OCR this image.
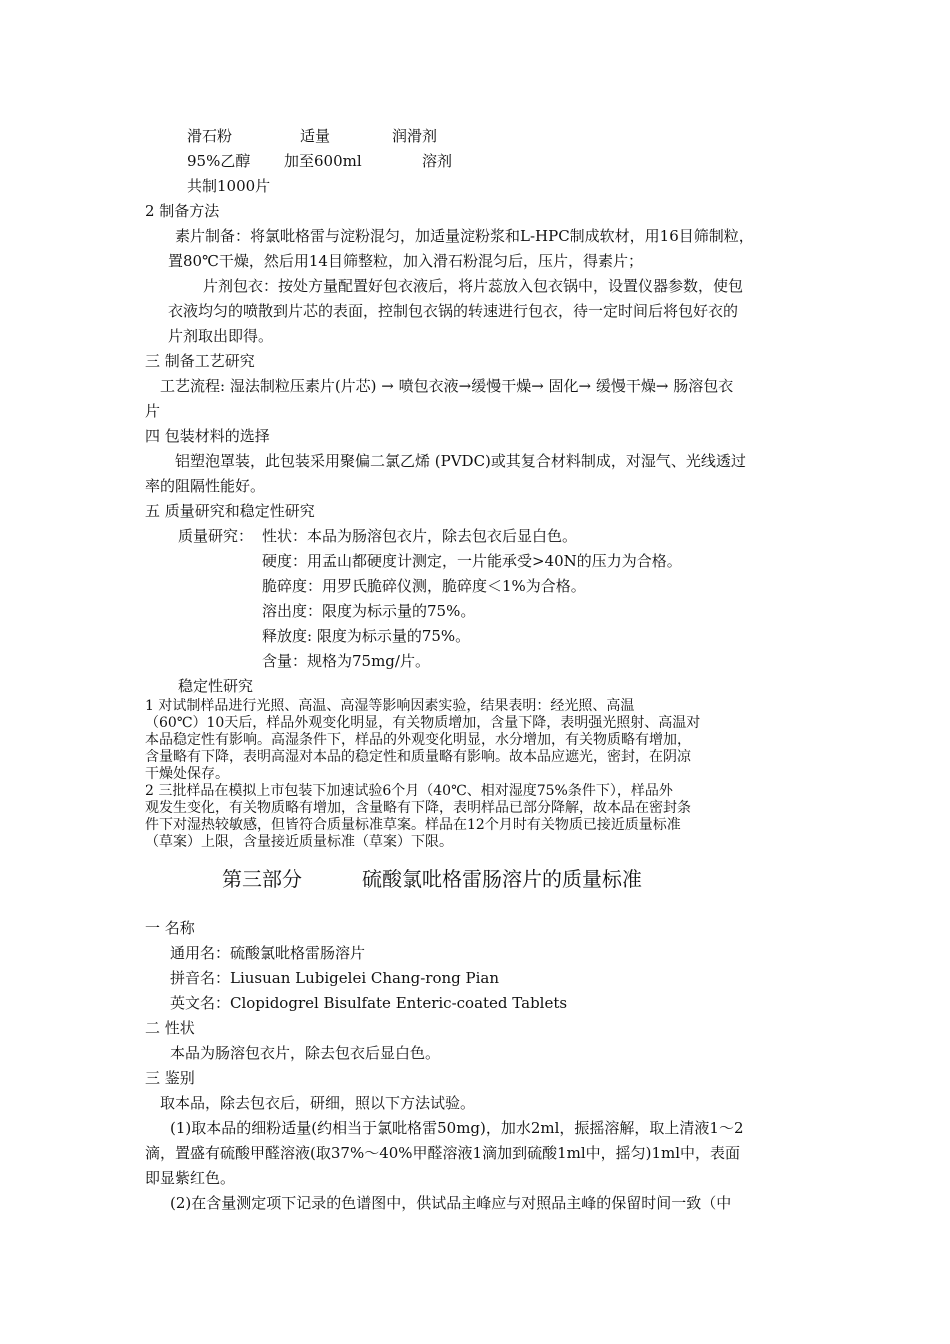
滑石粉	适量	润滑剂
95%乙醇 加至600ml	溶剂
共制1000片
2 制备方法
素片制备：将氯吡格雷与淀粉混匀，加适量淀粉浆和L-HPC制成软材，用16目筛制粒，
置80℃干燥，然后用14目筛整粒，加入滑石粉混匀后，压片，得素片；
片剂包衣：按处方量配置好包衣液后，将片蕊放入包衣锅中，设置仪器参数，使包
衣液均匀的喷散到片芯的表面，控制包衣锅的转速进行包衣，待一定时间后将包好衣的
片剂取出即得。
三 制备工艺研究
工艺流程: 湿法制粒压素片(片芯) → 喷包衣液→缓慢干燥→ 固化→ 缓慢干燥→ 肠溶包衣
片
四 包装材料的选择
铝塑泡罩装，此包装采用聚偏二氯乙烯 (PVDC)或其复合材料制成，对湿气、光线透过
率的阻隔性能好。
五 质量研究和稳定性研究
质量研究： 性状：本品为肠溶包衣片，除去包衣后显白色。
硬度：用孟山都硬度计测定，一片能承受>40N的压力为合格。
脆碎度：用罗氏脆碎仪测，脆碎度＜1%为合格。
溶出度：限度为标示量的75%。
释放度: 限度为标示量的75%。
含量：规格为75mg/片。
稳定性研究
1 对试制样品进行光照、高温、高湿等影响因素实验，结果表明：经光照、高温
（60℃）10天后，样品外观变化明显，有关物质增加，含量下降，表明强光照射、高温对
本品稳定性有影响。高湿条件下，样品的外观变化明显，水分增加，有关物质略有增加，
含量略有下降，表明高湿对本品的稳定性和质量略有影响。故本品应遮光，密封，在阴凉
干燥处保存。
2 三批样品在模拟上市包装下加速试验6个月（40℃、相对湿度75%条件下），样品外
观发生变化，有关物质略有增加，含量略有下降，表明样品已部分降解，故本品在密封条
件下对湿热较敏感，但皆符合质量标准草案。样品在12个月时有关物质已接近质量标准
（草案）上限，含量接近质量标准（草案）下限。
第三部分	硫酸氯吡格雷肠溶片的质量标准
一 名称
通用名：硫酸氯吡格雷肠溶片
拼音名：Liusuan Lubigelei Chang-rong Pian
英文名：Clopidogrel Bisulfate Enteric-coated Tablets
二 性状
本品为肠溶包衣片，除去包衣后显白色。
三 鉴别
取本品，除去包衣后，研细，照以下方法试验。
(1)取本品的细粉适量(约相当于氯吡格雷50mg)，加水2ml，振摇溶解，取上清液1～2
滴，置盛有硫酸甲醛溶液(取37%～40%甲醛溶液1滴加到硫酸1ml中，摇匀)1ml中，表面
即显紫红色。
(2)在含量测定项下记录的色谱图中，供试品主峰应与对照品主峰的保留时间一致（中
